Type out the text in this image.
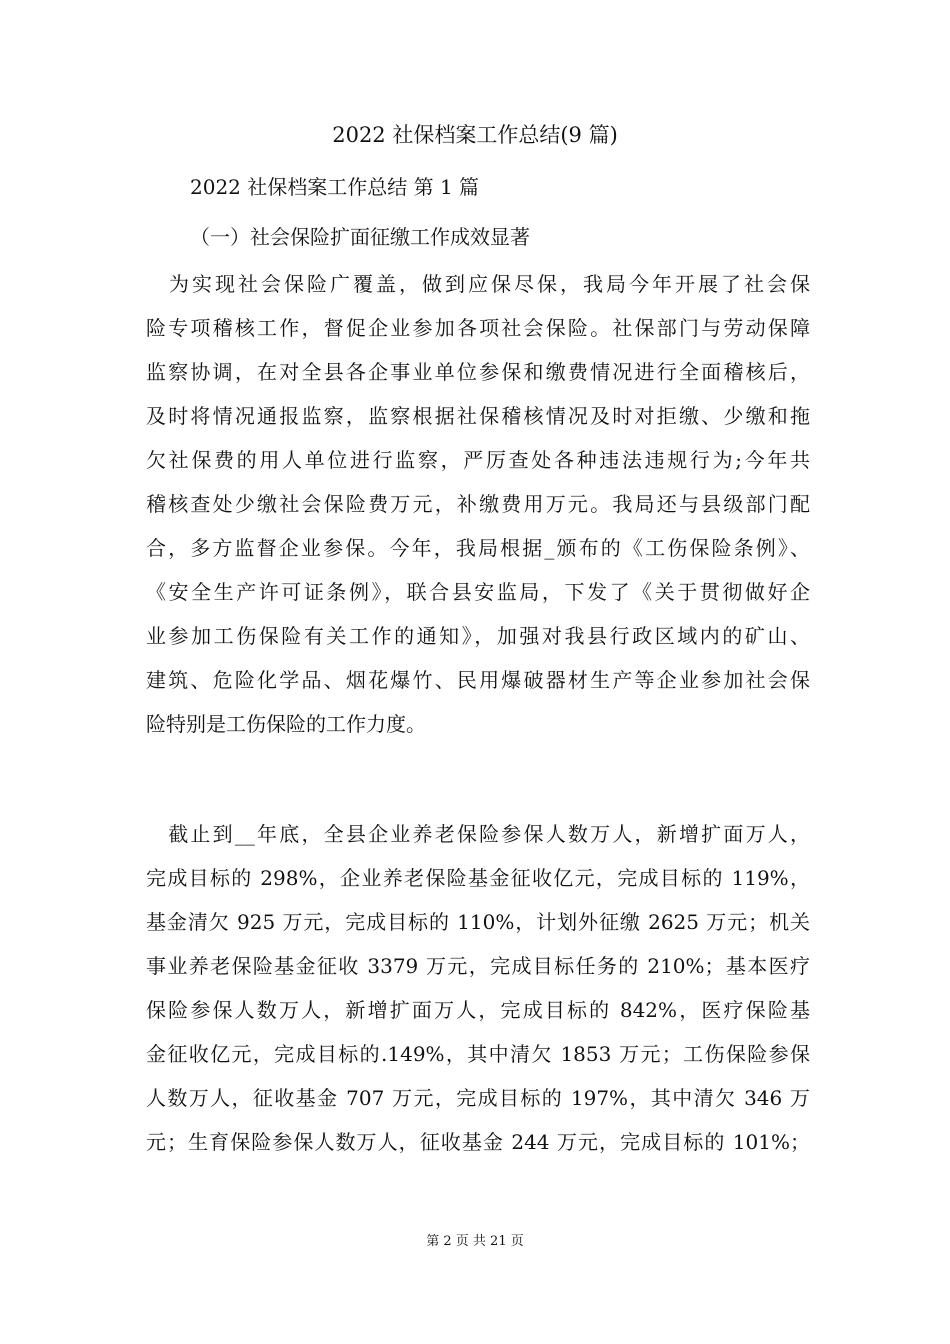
2022 社保档案工作总结(9 篇)
2022 社保档案工作总结 第 1 篇
（一）社会保险扩面征缴工作成效显著
　为实现社会保险广覆盖，做到应保尽保，我局今年开展了社会保
险专项稽核工作，督促企业参加各项社会保险。社保部门与劳动保障
监察协调，在对全县各企事业单位参保和缴费情况进行全面稽核后，
及时将情况通报监察，监察根据社保稽核情况及时对拒缴、少缴和拖
欠社保费的用人单位进行监察，严厉查处各种违法违规行为;今年共
稽核查处少缴社会保险费万元，补缴费用万元。我局还与县级部门配
合，多方监督企业参保。今年，我局根据_颁布的《工伤保险条例》、
《安全生产许可证条例》，联合县安监局，下发了《关于贯彻做好企
业参加工伤保险有关工作的通知》，加强对我县行政区域内的矿山、
建筑、危险化学品、烟花爆竹、民用爆破器材生产等企业参加社会保
险特别是工伤保险的工作力度。
　截止到__年底，全县企业养老保险参保人数万人，新增扩面万人，
完成目标的 298%，企业养老保险基金征收亿元，完成目标的 119%，
基金清欠 925 万元，完成目标的 110%，计划外征缴 2625 万元；机关
事业养老保险基金征收 3379 万元，完成目标任务的 210%；基本医疗
保险参保人数万人，新增扩面万人，完成目标的 842%，医疗保险基
金征收亿元，完成目标的.149%，其中清欠 1853 万元；工伤保险参保
人数万人，征收基金 707 万元，完成目标的 197%，其中清欠 346 万
元；生育保险参保人数万人，征收基金 244 万元，完成目标的 101%；
第 2 页 共 21 页
